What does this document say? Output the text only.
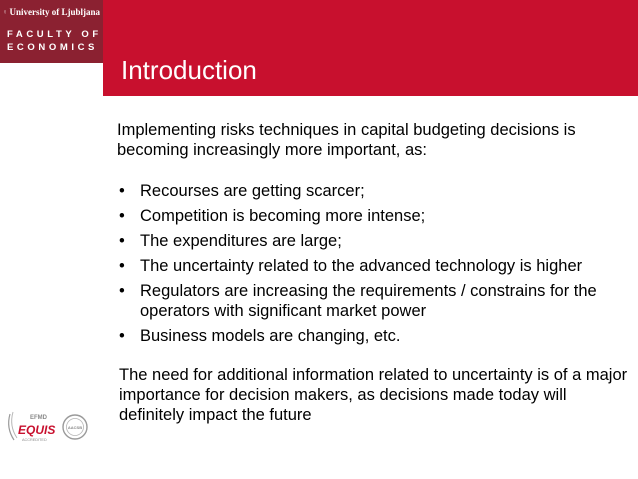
University of Ljubljana
FACULTY OF
ECONOMICS
EFMD
EQUIS
ACCREDITED
AACSB
Introduction

Implementing risks techniques in capital budgeting decisions is becoming increasingly more important, as:

• Recourses are getting scarcer;
• Competition is becoming more intense;
• The expenditures are large;
• The uncertainty related to the advanced technology is higher
• Regulators are increasing the requirements / constrains for the operators with significant market power
• Business models are changing, etc.

The need for additional information related to uncertainty is of a major importance for decision makers, as decisions made today will definitely impact the future
